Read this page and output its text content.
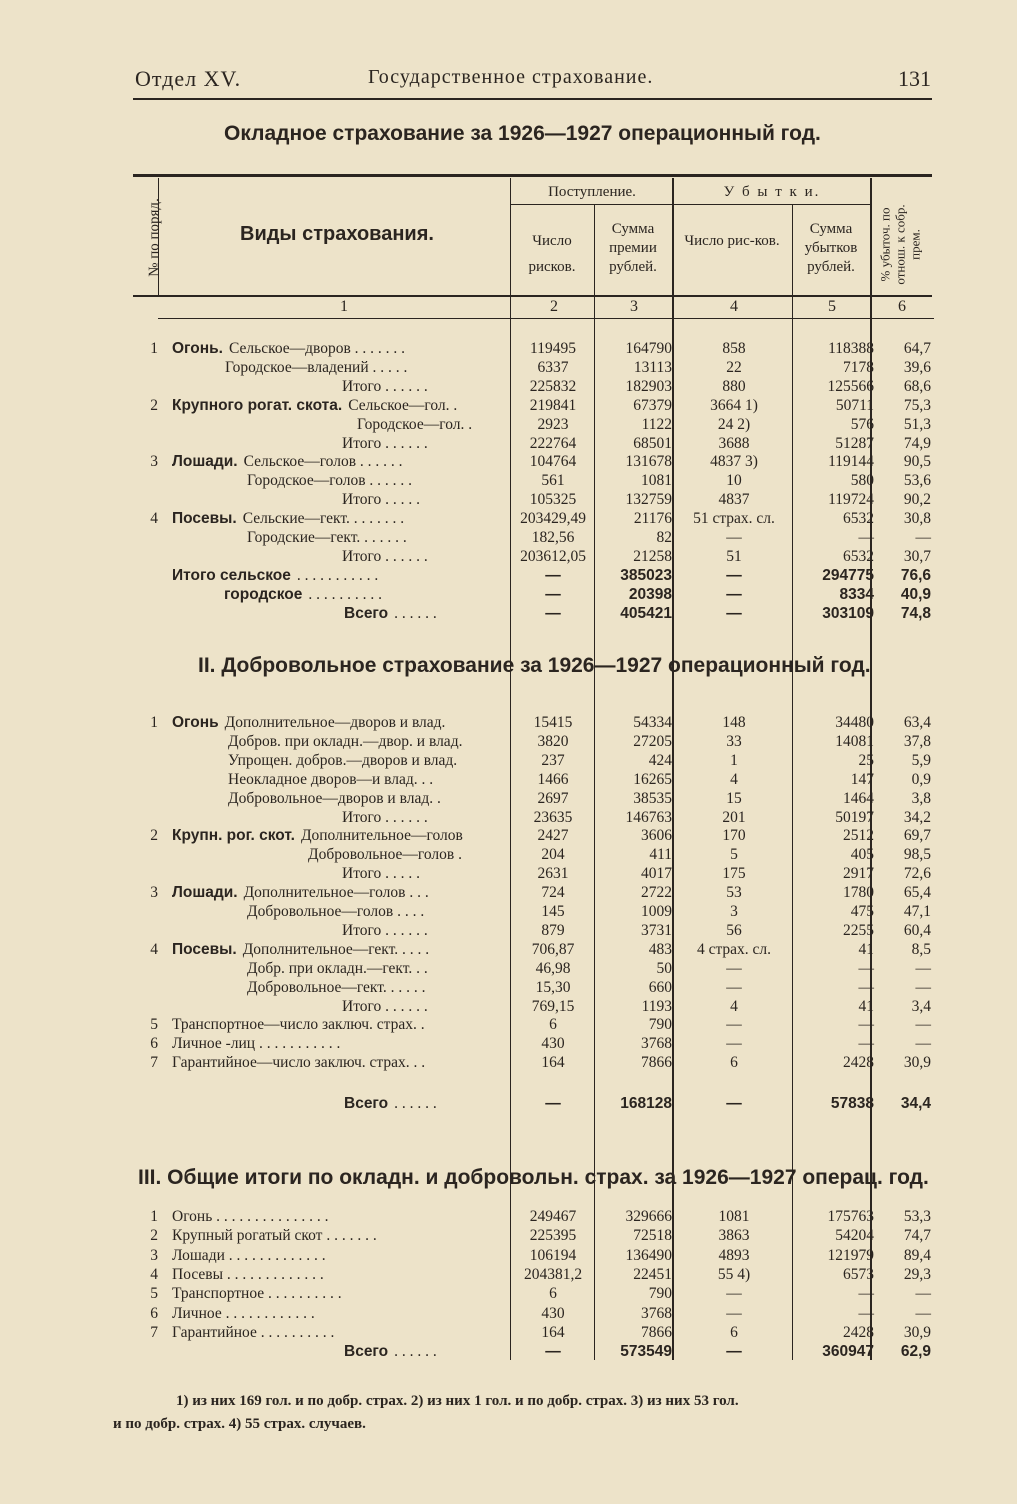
Отдел XV.	Государственное страхование.	131
Окладное страхование за 1926—1927 операционный год.
№ по поряд.	Виды страхования.
Поступление.	У б ы т к и.
Число рисков.
Сумма премии рублей.
Число рис-ков.
Сумма убытков рублей.	% убыточ. по отнош. к собр. прем.
1	2	3	4	5	6
1 Огонь. Сельское—дворов . . . . . . .	119495	164790	858	118388	64,7
Городское—владений . . . . .	6337	13113	22	7178	39,6
Итого . . . . . .	225832	182903	880	125566	68,6
2 Крупного рогат. скота. Сельское—гол. .	219841	67379	3664 1)	50711	75,3
Городское—гол. .	2923	1122	24 2)	576	51,3
Итого . . . . . .	222764	68501	3688	51287	74,9
3 Лошади. Сельское—голов . . . . . .	104764	131678	4837 3)	119144	90,5
Городское—голов . . . . . .	561	1081	10	580	53,6
Итого . . . . .	105325	132759	4837	119724	90,2
4 Посевы. Сельские—гект. . . . . . . .	203429,49	21176	51 страх. сл.	6532	30,8
Городские—гект. . . . . . .	182,56	82	—	—	—
Итого . . . . . .	203612,05	21258	51	6532	30,7
Итого сельское . . . . . . . . . . .	—	385023	—	294775	76,6
городское . . . . . . . . . .	—	20398	—	8334	40,9
Всего . . . . . .	—	405421	—	303109	74,8
II. Добровольное страхование за 1926—1927 операционный год.
1 Огонь Дополнительное—дворов и влад.	15415	54334	148	34480	63,4
Добров. при окладн.—двор. и влад.	3820	27205	33	14081	37,8
Упрощен. добров.—дворов и влад.	237	424	1	25	5,9
Неокладное дворов—и влад. . .	1466	16265	4	147	0,9
Добровольное—дворов и влад. .	2697	38535	15	1464	3,8
Итого . . . . . .	23635	146763	201	50197	34,2
2 Крупн. рог. скот. Дополнительное—голов	2427	3606	170	2512	69,7
Добровольное—голов .	204	411	5	405	98,5
Итого . . . . .	2631	4017	175	2917	72,6
3 Лошади. Дополнительное—голов . . .	724	2722	53	1780	65,4
Добровольное—голов . . . .	145	1009	3	475	47,1
Итого . . . . . .	879	3731	56	2255	60,4
4 Посевы. Дополнительное—гект. . . . .	706,87	483	4 страх. сл.	41	8,5
Добр. при окладн.—гект. . .	46,98	50	—	—	—
Добровольное—гект. . . . . .	15,30	660	—	—	—
Итого . . . . . .	769,15	1193	4	41	3,4
5 Транспортное—число заключ. страх. .	6	790	—	—	—
6 Личное -лиц . . . . . . . . . . .	430	3768	—	—	—
7 Гарантийное—число заключ. страх. . .	164	7866	6	2428	30,9
Всего . . . . . .	—	168128	—	57838	34,4
III. Общие итоги по окладн. и добровольн. страх. за 1926—1927 операц. год.
1 Огонь . . . . . . . . . . . . . . .	249467	329666	1081	175763	53,3
2 Крупный рогатый скот . . . . . . .	225395	72518	3863	54204	74,7
3 Лошади . . . . . . . . . . . . .	106194	136490	4893	121979	89,4
4 Посевы . . . . . . . . . . . . .	204381,2	22451	55 4)	6573	29,3
5 Транспортное . . . . . . . . . .	6	790	—	—	—
6 Личное . . . . . . . . . . . .	430	3768	—	—	—
7 Гарантийное . . . . . . . . . .	164	7866	6	2428	30,9
Всего . . . . . .	—	573549	—	360947	62,9
1) из них 169 гол. и по добр. страх. 2) из них 1 гол. и по добр. страх. 3) из них 53 гол.
и по добр. страх. 4) 55 страх. случаев.
